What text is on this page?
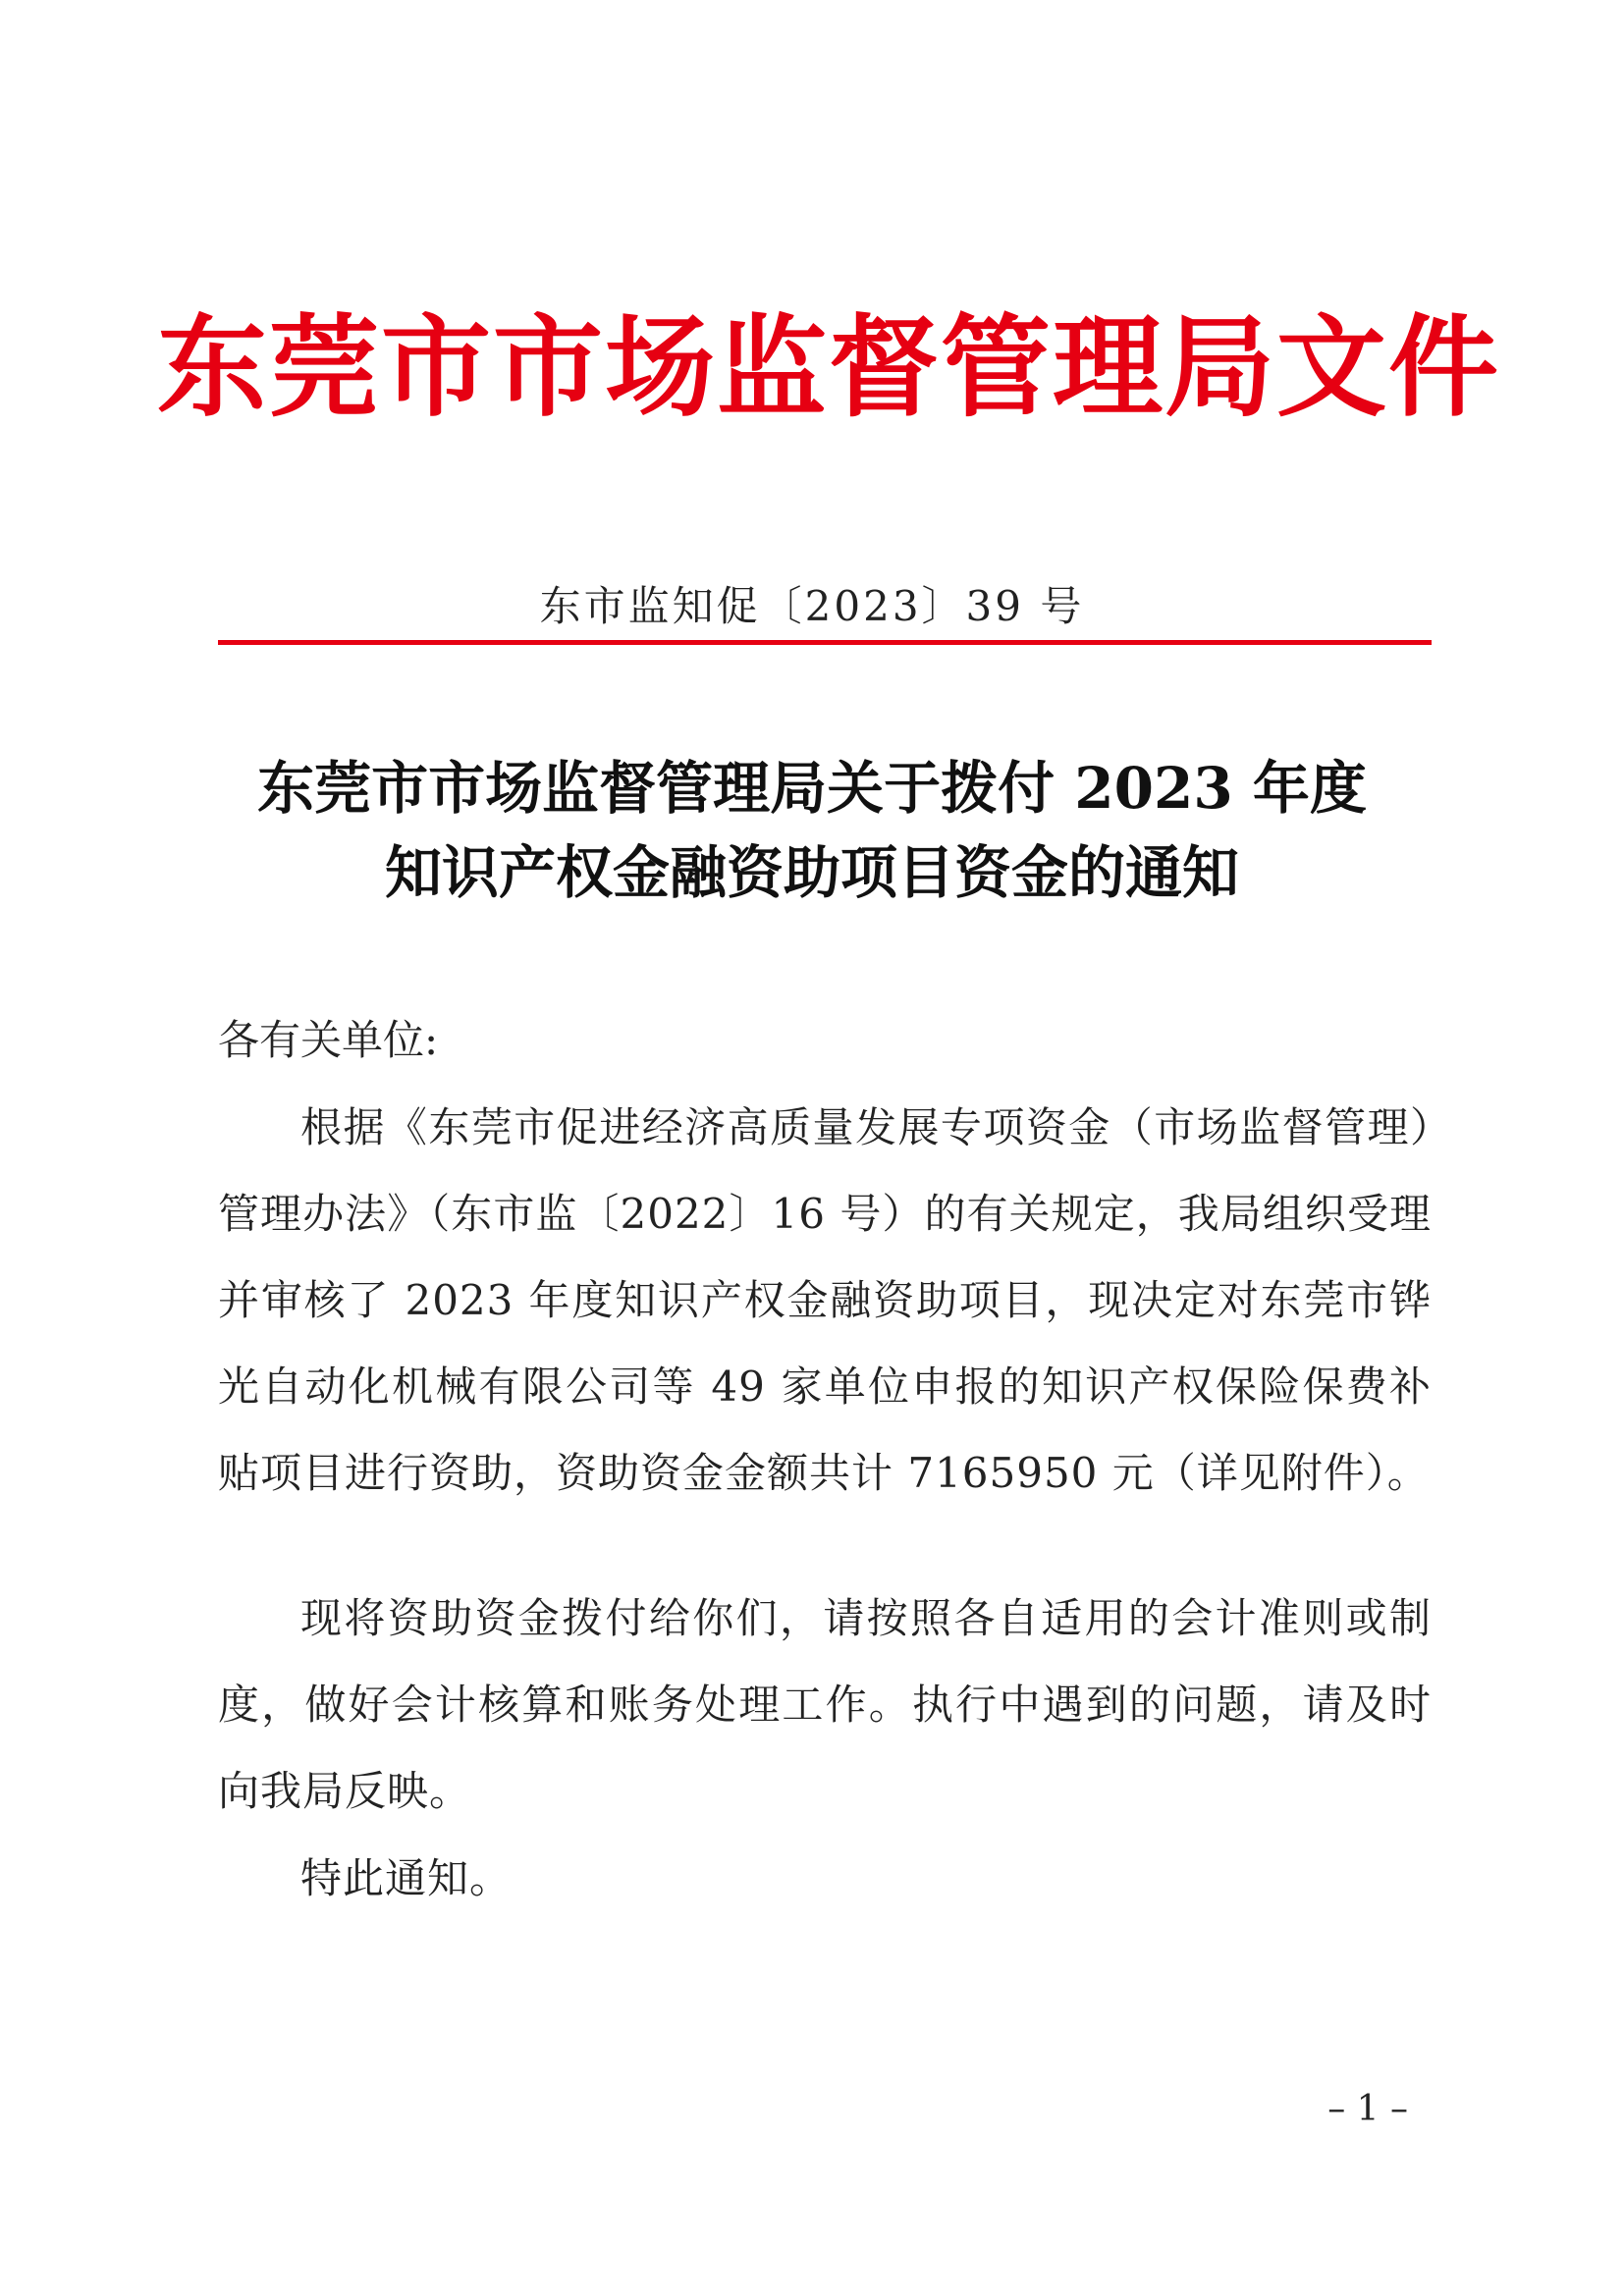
东莞市市场监督管理局文件
东市监知促〔2023〕39 号
东莞市市场监督管理局关于拨付 2023 年度
知识产权金融资助项目资金的通知
各有关单位:

根据《东莞市促进经济高质量发展专项资金（市场监督管理）管理办法》（东市监〔2022〕16 号）的有关规定，我局组织受理并审核了 2023 年度知识产权金融资助项目，现决定对东莞市铧光自动化机械有限公司等 49 家单位申报的知识产权保险保费补贴项目进行资助，资助资金金额共计 7165950 元（详见附件）。

现将资助资金拨付给你们，请按照各自适用的会计准则或制度，做好会计核算和账务处理工作。执行中遇到的问题，请及时向我局反映。

特此通知。

– 1 –
